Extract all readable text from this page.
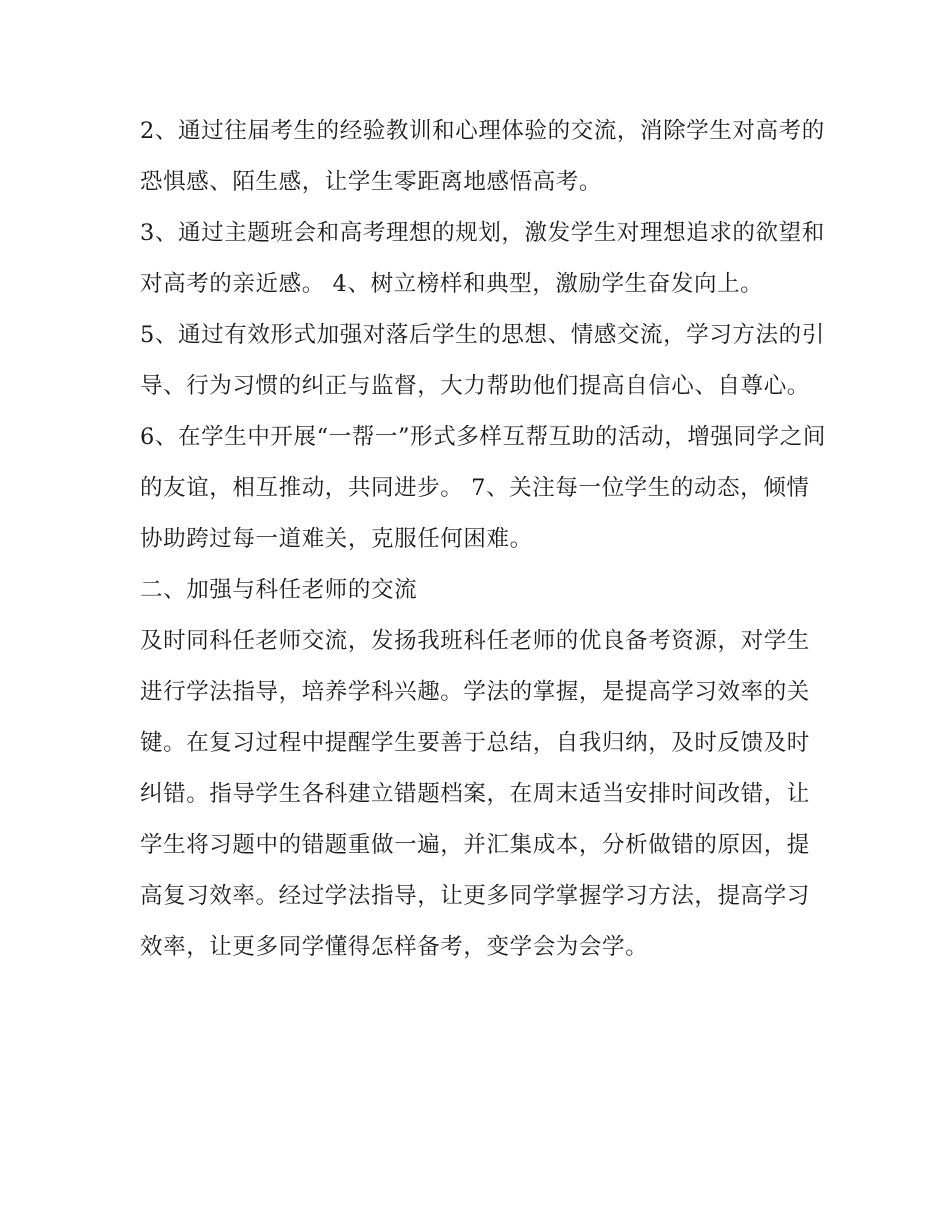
2、通过往届考生的经验教训和心理体验的交流，消除学生对高考的恐惧感、陌生感，让学生零距离地感悟高考。

3、通过主题班会和高考理想的规划，激发学生对理想追求的欲望和对高考的亲近感。 4、树立榜样和典型，激励学生奋发向上。

5、通过有效形式加强对落后学生的思想、情感交流，学习方法的引导、行为习惯的纠正与监督，大力帮助他们提高自信心、自尊心。

6、在学生中开展“一帮一”形式多样互帮互助的活动，增强同学之间的友谊，相互推动，共同进步。 7、关注每一位学生的动态，倾情协助跨过每一道难关，克服任何困难。

二、加强与科任老师的交流

及时同科任老师交流，发扬我班科任老师的优良备考资源，对学生进行学法指导，培养学科兴趣。学法的掌握，是提高学习效率的关键。在复习过程中提醒学生要善于总结，自我归纳，及时反馈及时纠错。指导学生各科建立错题档案，在周末适当安排时间改错，让学生将习题中的错题重做一遍，并汇集成本，分析做错的原因，提高复习效率。经过学法指导，让更多同学掌握学习方法，提高学习效率，让更多同学懂得怎样备考，变学会为会学。
